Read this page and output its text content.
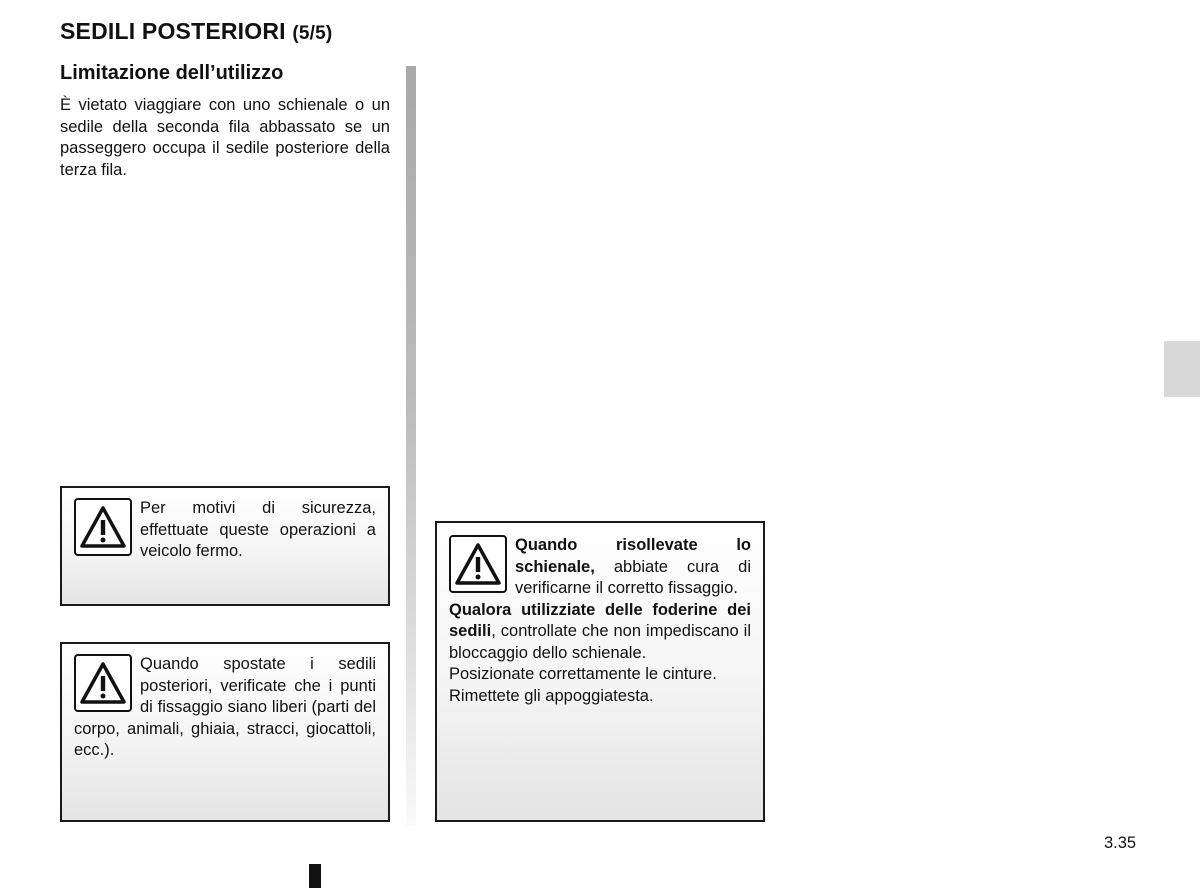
SEDILI POSTERIORI (5/5)
Limitazione dell’utilizzo

È vietato viaggiare con uno schienale o un sedile della seconda fila abbassato se un passeggero occupa il sedile posteriore della terza fila.

Per motivi di sicurezza, effettuate queste operazioni a veicolo fermo.
Quando spostate i sedili posteriori, verificate che i punti di fissaggio siano liberi (parti del corpo, animali, ghiaia, stracci, giocattoli, ecc.).

Quando risollevate lo schienale, abbiate cura di verificarne il corretto fissaggio.

Qualora utilizziate delle foderine dei sedili, controllate che non impediscano il bloccaggio dello schienale.

Posizionate correttamente le cinture.

Rimettete gli appoggiatesta.

3.35
